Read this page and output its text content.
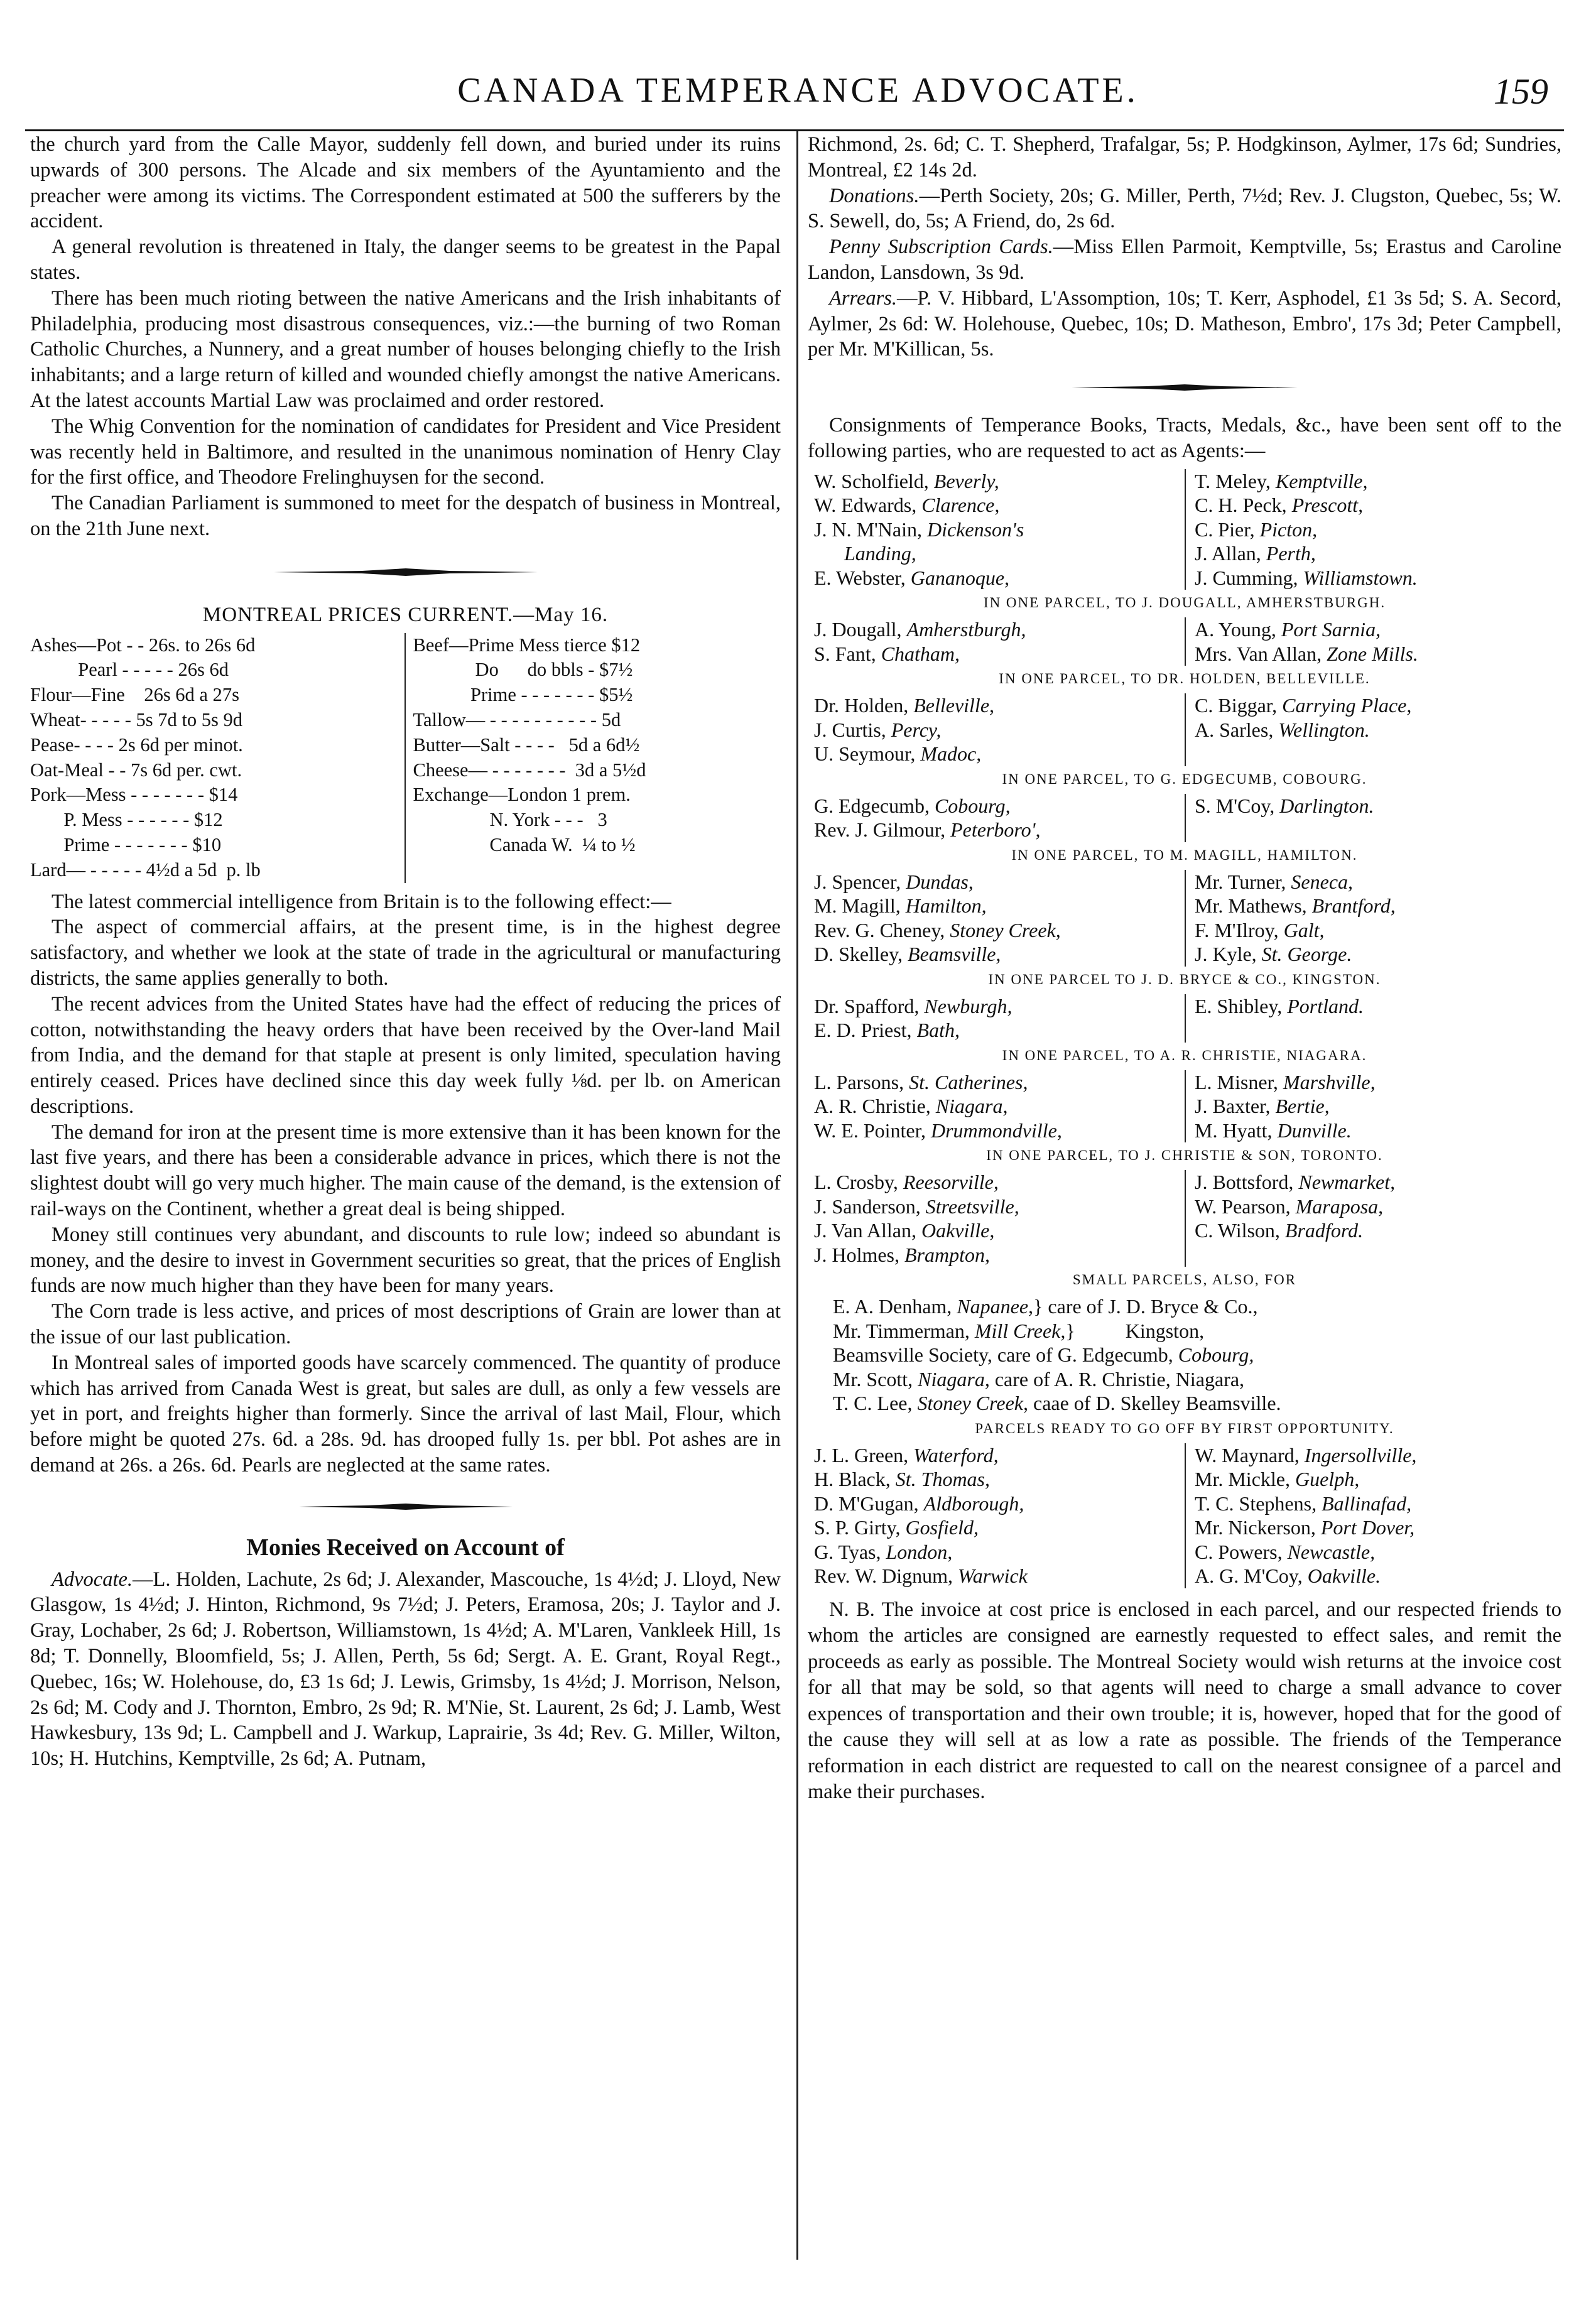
CANADA TEMPERANCE ADVOCATE.	159

the church yard from the Calle Mayor, suddenly fell down, and buried under its ruins upwards of 300 persons. The Alcade and six members of the Ayuntamiento and the preacher were among its victims. The Correspondent estimated at 500 the sufferers by the accident.

A general revolution is threatened in Italy, the danger seems to be greatest in the Papal states.

There has been much rioting between the native Americans and the Irish inhabitants of Philadelphia, producing most disastrous consequences, viz.:—the burning of two Roman Catholic Churches, a Nunnery, and a great number of houses belonging chiefly to the Irish inhabitants; and a large return of killed and wounded chiefly amongst the native Americans. At the latest accounts Martial Law was proclaimed and order restored.

The Whig Convention for the nomination of candidates for President and Vice President was recently held in Baltimore, and resulted in the unanimous nomination of Henry Clay for the first office, and Theodore Frelinghuysen for the second.

The Canadian Parliament is summoned to meet for the despatch of business in Montreal, on the 21th June next.

MONTREAL PRICES CURRENT.—May 16.
Ashes—Pot - - 26s. to 26s 6d
Pearl - - - - - 26s 6d
Flour—Fine    26s 6d a 27s
Wheat- - - - - 5s 7d to 5s 9d
Pease- - - - 2s 6d per minot.
Oat-Meal - - 7s 6d per. cwt.
Pork—Mess - - - - - - - $14
P. Mess - - - - - - $12
Prime - - - - - - - $10
Lard— - - - - - 4½d a 5d  p. lb
Beef—Prime Mess tierce $12
Do      do bbls - $7½
Prime - - - - - - - $5½
Tallow— - - - - - - - - - - 5d
Butter—Salt - - - -   5d a 6d½
Cheese— - - - - - - -  3d a 5½d
Exchange—London 1 prem.
N. York - - -   3
Canada W.  ¼ to ½

The latest commercial intelligence from Britain is to the following effect:—

The aspect of commercial affairs, at the present time, is in the highest degree satisfactory, and whether we look at the state of trade in the agricultural or manufacturing districts, the same applies generally to both.

The recent advices from the United States have had the effect of reducing the prices of cotton, notwithstanding the heavy orders that have been received by the Over-land Mail from India, and the demand for that staple at present is only limited, speculation having entirely ceased. Prices have declined since this day week fully ⅛d. per lb. on American descriptions.

The demand for iron at the present time is more extensive than it has been known for the last five years, and there has been a considerable advance in prices, which there is not the slightest doubt will go very much higher. The main cause of the demand, is the extension of rail-ways on the Continent, whether a great deal is being shipped.

Money still continues very abundant, and discounts to rule low; indeed so abundant is money, and the desire to invest in Government securities so great, that the prices of English funds are now much higher than they have been for many years.

The Corn trade is less active, and prices of most descriptions of Grain are lower than at the issue of our last publication.

In Montreal sales of imported goods have scarcely commenced. The quantity of produce which has arrived from Canada West is great, but sales are dull, as only a few vessels are yet in port, and freights higher than formerly. Since the arrival of last Mail, Flour, which before might be quoted 27s. 6d. a 28s. 9d. has drooped fully 1s. per bbl. Pot ashes are in demand at 26s. a 26s. 6d. Pearls are neglected at the same rates.

Monies Received on Account of

Advocate.—L. Holden, Lachute, 2s 6d; J. Alexander, Mascouche, 1s 4½d; J. Lloyd, New Glasgow, 1s 4½d; J. Hinton, Richmond, 9s 7½d; J. Peters, Eramosa, 20s; J. Taylor and J. Gray, Lochaber, 2s 6d; J. Robertson, Williamstown, 1s 4½d; A. M'Laren, Vankleek Hill, 1s 8d; T. Donnelly, Bloomfield, 5s; J. Allen, Perth, 5s 6d; Sergt. A. E. Grant, Royal Regt., Quebec, 16s; W. Holehouse, do, £3 1s 6d; J. Lewis, Grimsby, 1s 4½d; J. Morrison, Nelson, 2s 6d; M. Cody and J. Thornton, Embro, 2s 9d; R. M'Nie, St. Laurent, 2s 6d; J. Lamb, West Hawkesbury, 13s 9d; L. Campbell and J. Warkup, Laprairie, 3s 4d; Rev. G. Miller, Wilton, 10s; H. Hutchins, Kemptville, 2s 6d; A. Putnam,

Richmond, 2s. 6d; C. T. Shepherd, Trafalgar, 5s; P. Hodgkinson, Aylmer, 17s 6d; Sundries, Montreal, £2 14s 2d.

Donations.—Perth Society, 20s; G. Miller, Perth, 7½d; Rev. J. Clugston, Quebec, 5s; W. S. Sewell, do, 5s; A Friend, do, 2s 6d.

Penny Subscription Cards.—Miss Ellen Parmoit, Kemptville, 5s; Erastus and Caroline Landon, Lansdown, 3s 9d.

Arrears.—P. V. Hibbard, L'Assomption, 10s; T. Kerr, Asphodel, £1 3s 5d; S. A. Secord, Aylmer, 2s 6d: W. Holehouse, Quebec, 10s; D. Matheson, Embro', 17s 3d; Peter Campbell, per Mr. M'Killican, 5s.

Consignments of Temperance Books, Tracts, Medals, &c., have been sent off to the following parties, who are requested to act as Agents:—

W. Scholfield, Beverly,
W. Edwards, Clarence,
J. N. M'Nain, Dickenson's
Landing,
E. Webster, Gananoque,
T. Meley, Kemptville,
C. H. Peck, Prescott,
C. Pier, Picton,
J. Allan, Perth,
J. Cumming, Williamstown.
IN ONE PARCEL, TO J. DOUGALL, AMHERSTBURGH.
J. Dougall, Amherstburgh,
S. Fant, Chatham,
A. Young, Port Sarnia,
Mrs. Van Allan, Zone Mills.
IN ONE PARCEL, TO DR. HOLDEN, BELLEVILLE.
Dr. Holden, Belleville,
J. Curtis, Percy,
U. Seymour, Madoc,
C. Biggar, Carrying Place,
A. Sarles, Wellington.
IN ONE PARCEL, TO G. EDGECUMB, COBOURG.
G. Edgecumb, Cobourg,
Rev. J. Gilmour, Peterboro',
S. M'Coy, Darlington.
IN ONE PARCEL, TO M. MAGILL, HAMILTON.
J. Spencer, Dundas,
M. Magill, Hamilton,
Rev. G. Cheney, Stoney Creek,
D. Skelley, Beamsville,
Mr. Turner, Seneca,
Mr. Mathews, Brantford,
F. M'Ilroy, Galt,
J. Kyle, St. George.
IN ONE PARCEL TO J. D. BRYCE & CO., KINGSTON.
Dr. Spafford, Newburgh,
E. D. Priest, Bath,
E. Shibley, Portland.
IN ONE PARCEL, TO A. R. CHRISTIE, NIAGARA.
L. Parsons, St. Catherines,
A. R. Christie, Niagara,
W. E. Pointer, Drummondville,
L. Misner, Marshville,
J. Baxter, Bertie,
M. Hyatt, Dunville.
IN ONE PARCEL, TO J. CHRISTIE & SON, TORONTO.
L. Crosby, Reesorville,
J. Sanderson, Streetsville,
J. Van Allan, Oakville,
J. Holmes, Brampton,
J. Bottsford, Newmarket,
W. Pearson, Maraposa,
C. Wilson, Bradford.
SMALL PARCELS, ALSO, FOR
E. A. Denham, Napanee,} care of J. D. Bryce & Co.,
Mr. Timmerman, Mill Creek,}          Kingston,
Beamsville Society, care of G. Edgecumb, Cobourg,
Mr. Scott, Niagara, care of A. R. Christie, Niagara,
T. C. Lee, Stoney Creek, caae of D. Skelley Beamsville.
PARCELS READY TO GO OFF BY FIRST OPPORTUNITY.
J. L. Green, Waterford,
H. Black, St. Thomas,
D. M'Gugan, Aldborough,
S. P. Girty, Gosfield,
G. Tyas, London,
Rev. W. Dignum, Warwick
W. Maynard, Ingersollville,
Mr. Mickle, Guelph,
T. C. Stephens, Ballinafad,
Mr. Nickerson, Port Dover,
C. Powers, Newcastle,
A. G. M'Coy, Oakville.

N. B. The invoice at cost price is enclosed in each parcel, and our respected friends to whom the articles are consigned are earnestly requested to effect sales, and remit the proceeds as early as possible. The Montreal Society would wish returns at the invoice cost for all that may be sold, so that agents will need to charge a small advance to cover expences of transportation and their own trouble; it is, however, hoped that for the good of the cause they will sell at as low a rate as possible. The friends of the Temperance reformation in each district are requested to call on the nearest consignee of a parcel and make their purchases.
